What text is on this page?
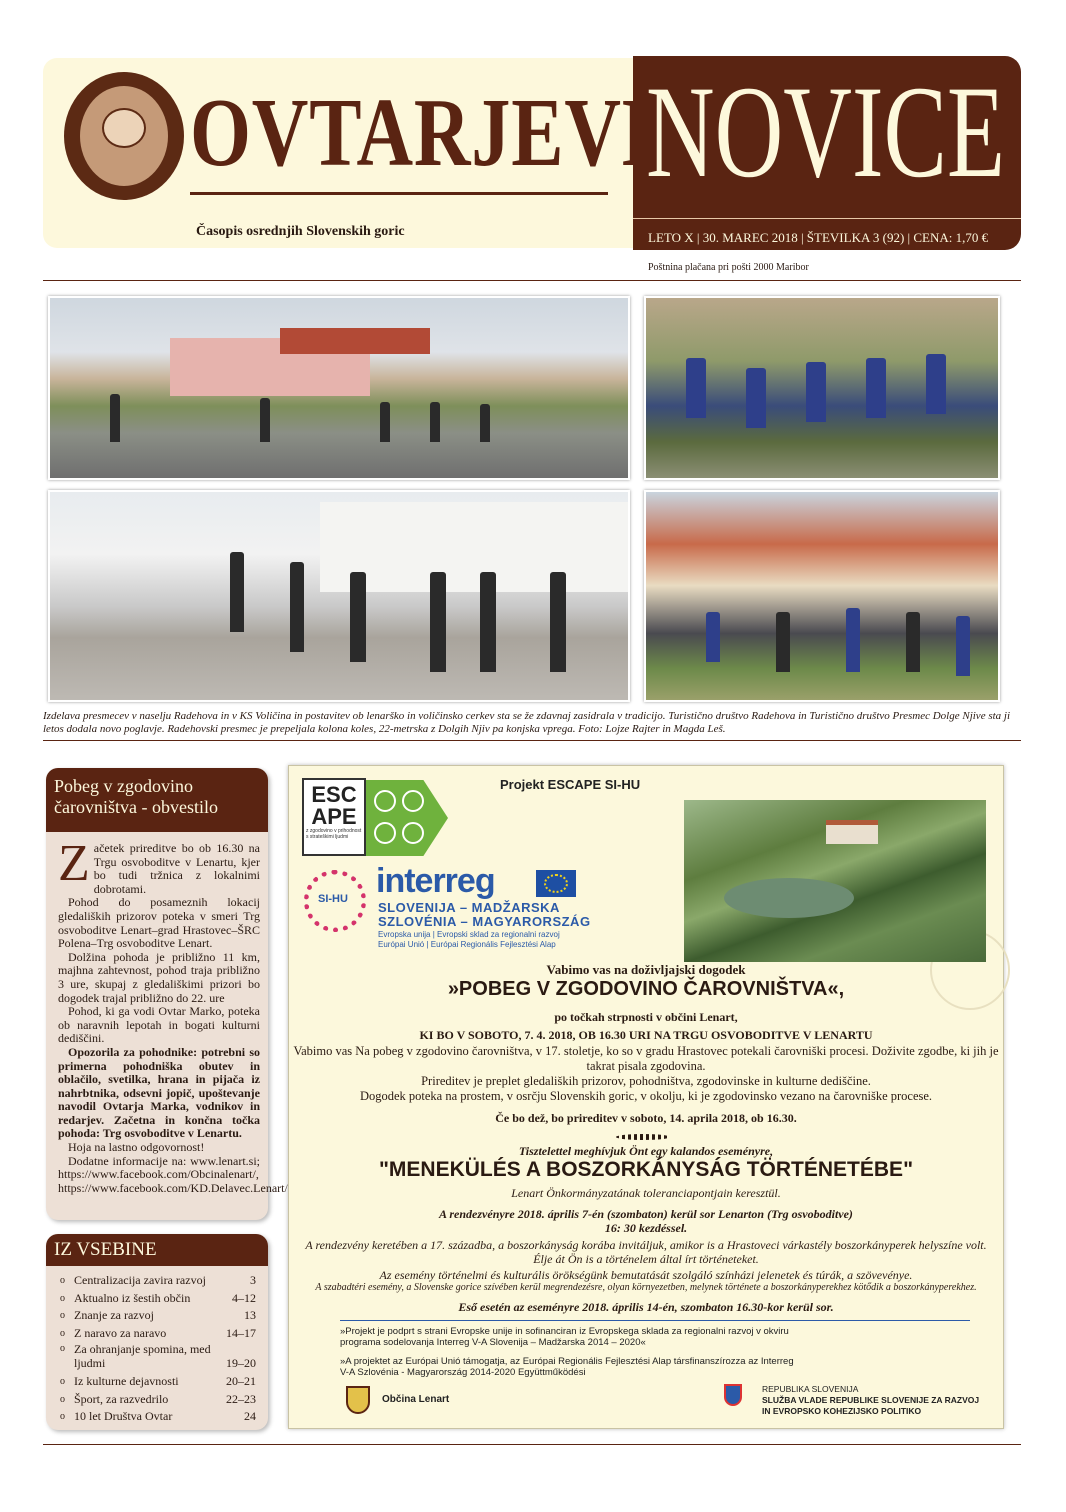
OVTARJEVE
Časopis osrednjih Slovenskih goric
NOVICE
LETO X | 30. MAREC 2018 | ŠTEVILKA 3 (92) | CENA: 1,70 €
Poštnina plačana pri pošti 2000 Maribor
Izdelava presmecev v naselju Radehova in v KS Voličina in postavitev ob lenarško in voličinsko cerkev sta se že zdavnaj zasidrala v tradicijo. Turistično društvo Radehova in Turistično društvo Presmec Dolge Njive sta ji letos dodala novo poglavje. Radehovski presmec je prepeljala kolona koles, 22-metrska z Dolgih Njiv pa konjska vprega. Foto: Lojze Rajter in Magda Leš.
Pobeg v zgodovino čarovništva - obvestilo

Začetek prireditve bo ob 16.30 na Trgu osvoboditve v Lenartu, kjer bo tudi tržnica z lokalnimi dobrotami.

Pohod do posameznih lokacij gledaliških prizorov poteka v smeri Trg osvoboditve Lenart–grad Hrastovec–ŠRC Polena–Trg osvoboditve Lenart.

Dolžina pohoda je približno 11 km, majhna zahtevnost, pohod traja približno 3 ure, skupaj z gledališkimi prizori bo dogodek trajal približno do 22. ure

Pohod, ki ga vodi Ovtar Marko, poteka ob naravnih lepotah in bogati kulturni dediščini.

Opozorila za pohodnike: potrebni so primerna pohodniška obutev in oblačilo, svetilka, hrana in pijača iz nahrbtnika, odsevni jopič, upoštevanje navodil Ovtarja Marka, vodnikov in redarjev. Začetna in končna točka pohoda: Trg osvoboditve v Lenartu.

Hoja na lastno odgovornost!

Dodatne informacije na: www.lenart.si; https://www.facebook.com/Obcinalenart/, https://www.facebook.com/KD.Delavec.Lenart/

IZ VSEBINE
o Centralizacija zavira razvoj	3
o Aktualno iz šestih občin	4–12
o Znanje za razvoj	13
o Z naravo za naravo	14–17
o Za ohranjanje spomina, med ljudmi	19–20
o Iz kulturne dejavnosti	20–21
o Šport, za razvedrilo	22–23
o 10 let Društva Ovtar	24
ESC APE
z zgodovino v prihodnost s strateškimi ljudmi
Projekt ESCAPE SI-HU
SI-HU interreg
SLOVENIJA – MADŽARSKA
SZLOVÉNIA – MAGYARORSZÁG
Evropska unija | Evropski sklad za regionalni razvoj
Európai Unió | Európai Regionális Fejlesztési Alap
Vabimo vas na doživljajski dogodek
»POBEG V ZGODOVINO ČAROVNIŠTVA«,
po točkah strpnosti v občini Lenart,
KI BO V SOBOTO, 7. 4. 2018, OB 16.30 URI NA TRGU OSVOBODITVE V LENARTU
Vabimo vas Na pobeg v zgodovino čarovništva, v 17. stoletje, ko so v gradu Hrastovec potekali čarovniški procesi. Doživite zgodbe, ki jih je takrat pisala zgodovina.
Prireditev je preplet gledaliških prizorov, pohodništva, zgodovinske in kulturne dediščine.
Dogodek poteka na prostem, v osrčju Slovenskih goric, v okolju, ki je zgodovinsko vezano na čarovniške procese.
Če bo dež, bo prireditev v soboto, 14. aprila 2018, ob 16.30.
Tisztelettel meghívjuk Önt egy kalandos eseményre,
"MENEKÜLÉS A BOSZORKÁNYSÁG TÖRTÉNETÉBE"
Lenart Önkormányzatának toleranciapontjain keresztül.
A rendezvényre 2018. április 7-én (szombaton) kerül sor Lenarton (Trg osvoboditve)
16: 30 kezdéssel.
A rendezvény keretében a 17. századba, a boszorkányság korába invitáljuk, amikor is a Hrastoveci várkastély boszorkányperek helyszíne volt.
Élje át Ön is a történelem által írt történeteket.
Az esemény történelmi és kulturális örökségünk bemutatását szolgáló színházi jelenetek és túrák, a szövevénye.
A szabadtéri esemény, a Slovenske gorice szívében kerül megrendezésre, olyan környezetben, melynek története a boszorkányperekhez kötődik a boszorkányperekhez.
Eső esetén az eseményre 2018. április 14-én, szombaton 16.30-kor kerül sor.
»Projekt je podprt s strani Evropske unije in sofinanciran iz Evropskega sklada za regionalni razvoj v okviru programa sodelovanja Interreg V-A Slovenija – Madžarska 2014 – 2020«
»A projektet az Európai Unió támogatja, az Európai Regionális Fejlesztési Alap társfinanszírozza az Interreg V-A Szlovénia - Magyarország 2014-2020 Együttműködési
Občina Lenart
REPUBLIKA SLOVENIJA
SLUŽBA VLADE REPUBLIKE SLOVENIJE ZA RAZVOJ
IN EVROPSKO KOHEZIJSKO POLITIKO
